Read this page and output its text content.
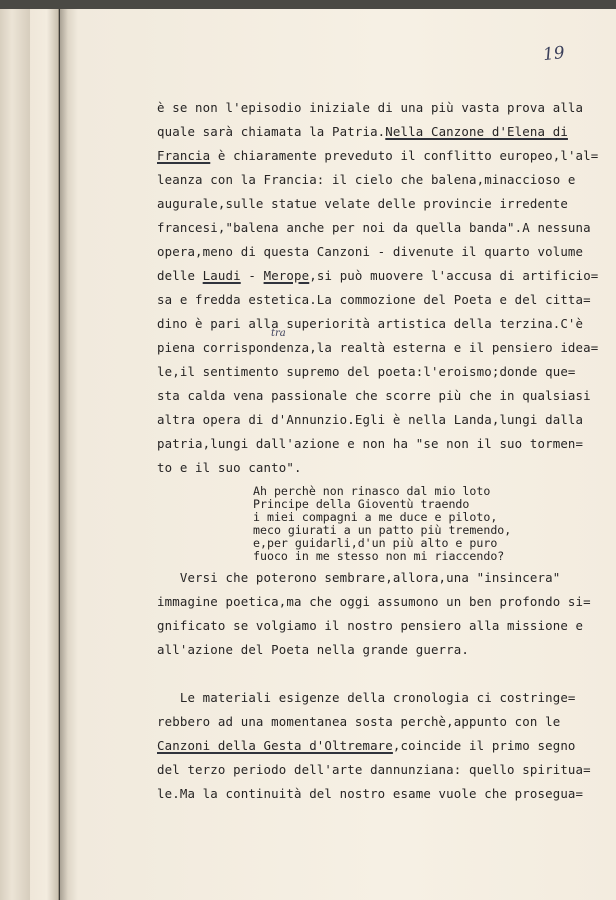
19
è se non l'episodio iniziale di una più vasta prova alla
quale sarà chiamata la Patria.Nella Canzone d'Elena di
Francia è chiaramente preveduto il conflitto europeo,l'al=
leanza con la Francia: il cielo che balena,minaccioso e
augurale,sulle statue velate delle provincie irredente
francesi,"balena anche per noi da quella banda".A nessuna
opera,meno di questa Canzoni - divenute il quarto volume
delle Laudi - Merope,si può muovere l'accusa di artificio=
sa e fredda estetica.La commozione del Poeta e del citta=
dino è pari alla superiorità artistica della terzina.C'è
tra
piena corrispondenza,la realtà esterna e il pensiero idea=
le,il sentimento supremo del poeta:l'eroismo;donde que=
sta calda vena passionale che scorre più che in qualsiasi
altra opera di d'Annunzio.Egli è nella Landa,lungi dalla
patria,lungi dall'azione e non ha "se non il suo tormen=
to e il suo canto".
Ah perchè non rinasco dal mio loto
Principe della Gioventù traendo
i miei compagni a me duce e piloto,
meco giurati a un patto più tremendo,
e,per guidarli,d'un più alto e puro
fuoco in me stesso non mi riaccendo?
Versi che poterono sembrare,allora,una "insincera"
immagine poetica,ma che oggi assumono un ben profondo si=
gnificato se volgiamo il nostro pensiero alla missione e
all'azione del Poeta nella grande guerra.
Le materiali esigenze della cronologia ci costringe=
rebbero ad una momentanea sosta perchè,appunto con le
Canzoni della Gesta d'Oltremare,coincide il primo segno
del terzo periodo dell'arte dannunziana: quello spiritua=
le.Ma la continuità del nostro esame vuole che prosegua=
